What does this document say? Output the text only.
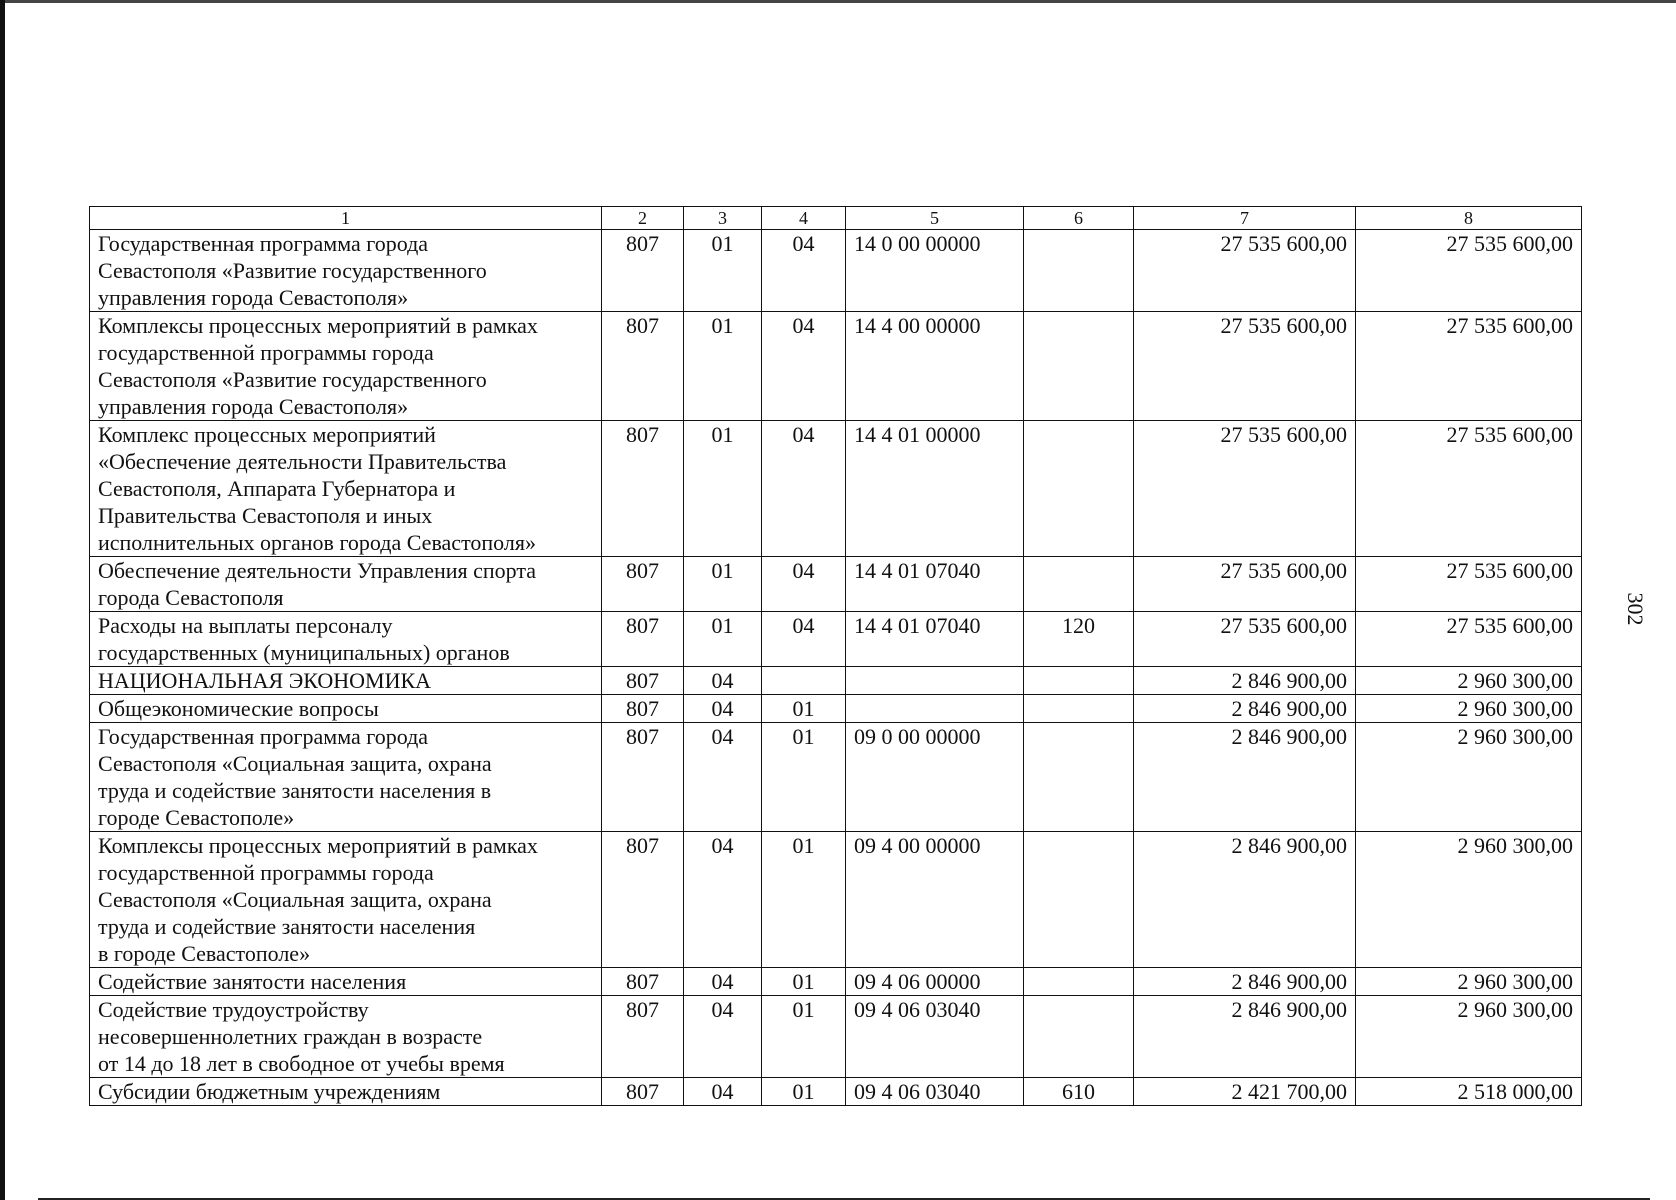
302
1	2	3	4	5	6	7	8
Государственная программа города
Севастополя «Развитие государственного
управления города Севастополя»	807	01	04	14 0 00 00000		27 535 600,00	27 535 600,00
Комплексы процессных мероприятий в рамках
государственной программы города
Севастополя «Развитие государственного
управления города Севастополя»	807	01	04	14 4 00 00000		27 535 600,00	27 535 600,00
Комплекс процессных мероприятий
«Обеспечение деятельности Правительства
Севастополя, Аппарата Губернатора и
Правительства Севастополя и иных
исполнительных органов города Севастополя»	807	01	04	14 4 01 00000		27 535 600,00	27 535 600,00
Обеспечение деятельности Управления спорта
города Севастополя	807	01	04	14 4 01 07040		27 535 600,00	27 535 600,00
Расходы на выплаты персоналу
государственных (муниципальных) органов	807	01	04	14 4 01 07040	120	27 535 600,00	27 535 600,00
НАЦИОНАЛЬНАЯ ЭКОНОМИКА	807	04				2 846 900,00	2 960 300,00
Общеэкономические вопросы	807	04	01			2 846 900,00	2 960 300,00
Государственная программа города
Севастополя «Социальная защита, охрана
труда и содействие занятости населения в
городе Севастополе»	807	04	01	09 0 00 00000		2 846 900,00	2 960 300,00
Комплексы процессных мероприятий в рамках
государственной программы города
Севастополя «Социальная защита, охрана
труда и содействие занятости населения
в городе Севастополе»	807	04	01	09 4 00 00000		2 846 900,00	2 960 300,00
Содействие занятости населения	807	04	01	09 4 06 00000		2 846 900,00	2 960 300,00
Содействие трудоустройству
несовершеннолетних граждан в возрасте
от 14 до 18 лет в свободное от учебы время	807	04	01	09 4 06 03040		2 846 900,00	2 960 300,00
Субсидии бюджетным учреждениям	807	04	01	09 4 06 03040	610	2 421 700,00	2 518 000,00
